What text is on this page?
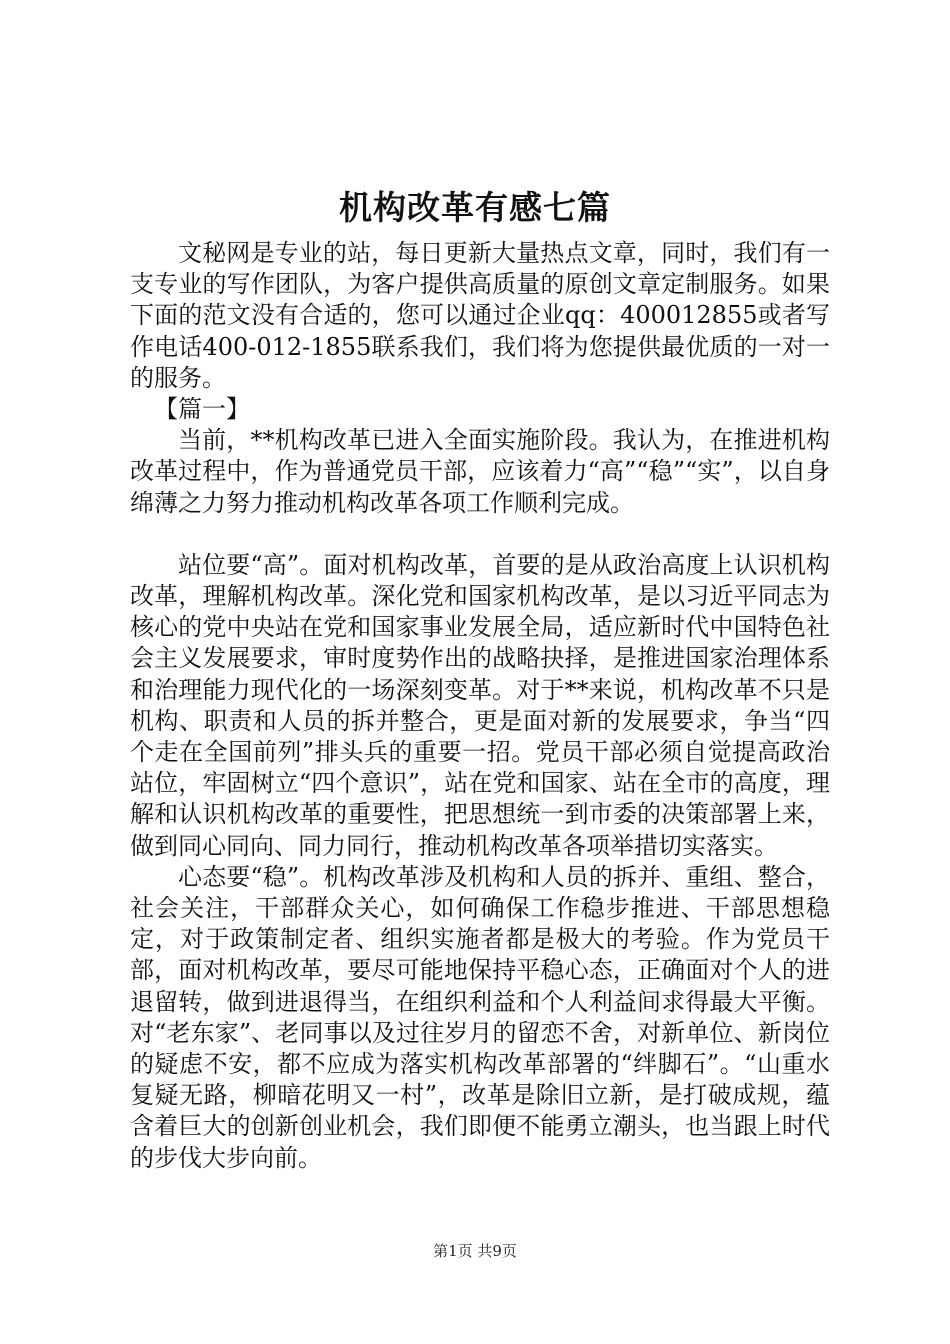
机构改革有感七篇

文秘网是专业的站，每日更新大量热点文章，同时，我们有一支专业的写作团队，为客户提供高质量的原创文章定制服务。如果下面的范文没有合适的，您可以通过企业qq：400012855或者写作电话400-012-1855联系我们，我们将为您提供最优质的一对一的服务。

【篇一】

当前，**机构改革已进入全面实施阶段。我认为，在推进机构改革过程中，作为普通党员干部，应该着力“高”“稳”“实”，以自身绵薄之力努力推动机构改革各项工作顺利完成。

站位要“高”。面对机构改革，首要的是从政治高度上认识机构改革，理解机构改革。深化党和国家机构改革，是以习近平同志为核心的党中央站在党和国家事业发展全局，适应新时代中国特色社会主义发展要求，审时度势作出的战略抉择，是推进国家治理体系和治理能力现代化的一场深刻变革。对于**来说，机构改革不只是机构、职责和人员的拆并整合，更是面对新的发展要求，争当“四个走在全国前列”排头兵的重要一招。党员干部必须自觉提高政治站位，牢固树立“四个意识”，站在党和国家、站在全市的高度，理解和认识机构改革的重要性，把思想统一到市委的决策部署上来，做到同心同向、同力同行，推动机构改革各项举措切实落实。

心态要“稳”。机构改革涉及机构和人员的拆并、重组、整合，社会关注，干部群众关心，如何确保工作稳步推进、干部思想稳定，对于政策制定者、组织实施者都是极大的考验。作为党员干部，面对机构改革，要尽可能地保持平稳心态，正确面对个人的进退留转，做到进退得当，在组织利益和个人利益间求得最大平衡。对“老东家”、老同事以及过往岁月的留恋不舍，对新单位、新岗位的疑虑不安，都不应成为落实机构改革部署的“绊脚石”。“山重水复疑无路，柳暗花明又一村”，改革是除旧立新，是打破成规，蕴含着巨大的创新创业机会，我们即便不能勇立潮头，也当跟上时代的步伐大步向前。

第1页 共9页
